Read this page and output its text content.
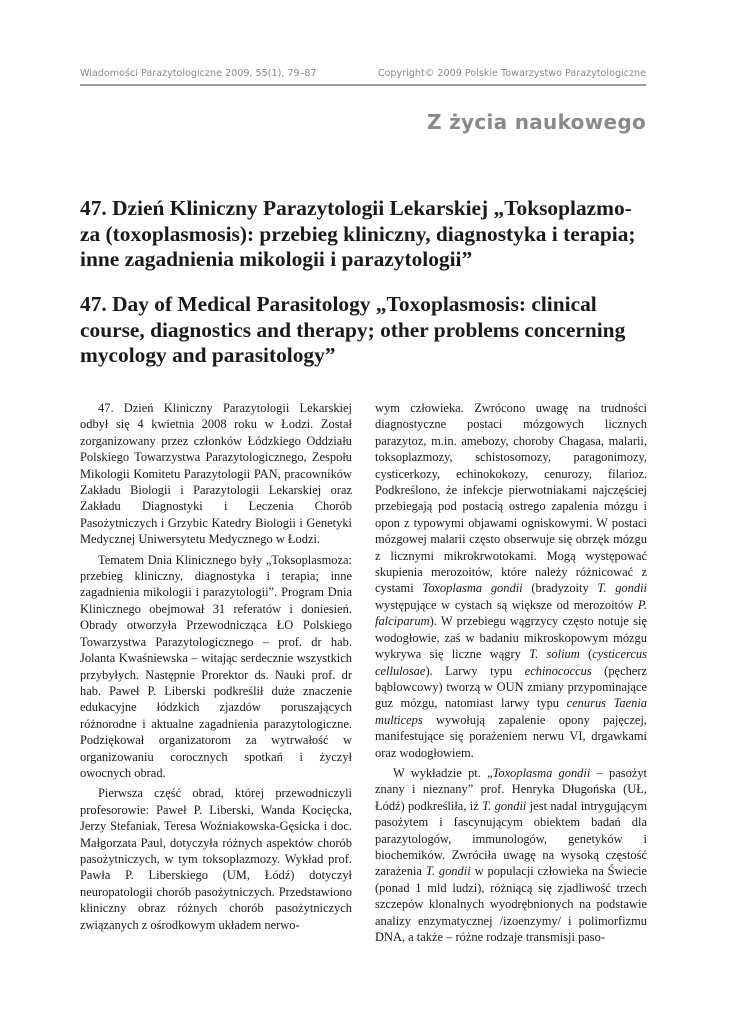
Wiadomości Parazytologiczne 2009, 55(1), 79–87	Copyright© 2009 Polskie Towarzystwo Parazytologiczne
Z życia naukowego
47. Dzień Kliniczny Parazytologii Lekarskiej „Toksoplazmo-za (toxoplasmosis): przebieg kliniczny, diagnostyka i terapia; inne zagadnienia mikologii i parazytologii”
47. Day of Medical Parasitology „Toxoplasmosis: clinical course, diagnostics and therapy; other problems concerning mycology and parasitology”

47. Dzień Kliniczny Parazytologii Lekarskiej odbył się 4 kwietnia 2008 roku w Łodzi. Został zorganizowany przez członków Łódzkiego Oddziału Polskiego Towarzystwa Parazytologicznego, Zespołu Mikologii Komitetu Parazytologii PAN, pracowników Zakładu Biologii i Parazytologii Lekarskiej oraz Zakładu Diagnostyki i Leczenia Chorób Pasożytniczych i Grzybic Katedry Biologii i Genetyki Medycznej Uniwersytetu Medycznego w Łodzi.

Tematem Dnia Klinicznego były „Toksoplasmoza: przebieg kliniczny, diagnostyka i terapia; inne zagadnienia mikologii i parazytologii”. Program Dnia Klinicznego obejmował 31 referatów i doniesień. Obrady otworzyła Przewodnicząca ŁO Polskiego Towarzystwa Parazytologicznego – prof. dr hab. Jolanta Kwaśniewska – witając serdecznie wszystkich przybyłych. Następnie Prorektor ds. Nauki prof. dr hab. Paweł P. Liberski podkreślił duże znaczenie edukacyjne łódzkich zjazdów poruszających różnorodne i aktualne zagadnienia parazytologiczne. Podziękował organizatorom za wytrwałość w organizowaniu corocznych spotkań i życzył owocnych obrad.

Pierwsza część obrad, której przewodniczyli profesorowie: Paweł P. Liberski, Wanda Kocięcka, Jerzy Stefaniak, Teresa Woźniakowska-Gęsicka i doc. Małgorzata Paul, dotyczyła różnych aspektów chorób pasożytniczych, w tym toksoplazmozy. Wykład prof. Pawła P. Liberskiego (UM, Łódź) dotyczył neuropatologii chorób pasożytniczych. Przedstawiono kliniczny obraz różnych chorób pasożytniczych związanych z ośrodkowym układem nerwo-

wym człowieka. Zwrócono uwagę na trudności diagnostyczne postaci mózgowych licznych parazytoz, m.in. amebozy, choroby Chagasa, malarii, toksoplazmozy, schistosomozy, paragonimozy, cysticerkozy, echinokokozy, cenurozy, filarioz. Podkreślono, że infekcje pierwotniakami najczęściej przebiegają pod postacią ostrego zapalenia mózgu i opon z typowymi objawami ogniskowymi. W postaci mózgowej malarii często obserwuje się obrzęk mózgu z licznymi mikrokrwotokami. Mogą występować skupienia merozoitów, które należy różnicować z cystami Toxoplasma gondii (bradyzoity T. gondii występujące w cystach są większe od merozoitów P. falciparum). W przebiegu wągrzycy często notuje się wodogłowie, zaś w badaniu mikroskopowym mózgu wykrywa się liczne wągry T. solium (cysticercus cellulosae). Larwy typu echinococcus (pęcherz bąblowcowy) tworzą w OUN zmiany przypominające guz mózgu, natomiast larwy typu cenurus Taenia multiceps wywołują zapalenie opony pajęczej, manifestujące się porażeniem nerwu VI, drgawkami oraz wodogłowiem.

W wykładzie pt. „Toxoplasma gondii – pasożyt znany i nieznany” prof. Henryka Długońska (UŁ, Łódź) podkreśliła, iż T. gondii jest nadal intrygującym pasożytem i fascynującym obiektem badań dla parazytologów, immunologów, genetyków i biochemików. Zwróciła uwagę na wysoką częstość zarażenia T. gondii w populacji człowieka na Świecie (ponad 1 mld ludzi), różniącą się zjadliwość trzech szczepów klonalnych wyodrębnionych na podstawie analizy enzymatycznej /izoenzymy/ i polimorfizmu DNA, a także – różne rodzaje transmisji paso-
